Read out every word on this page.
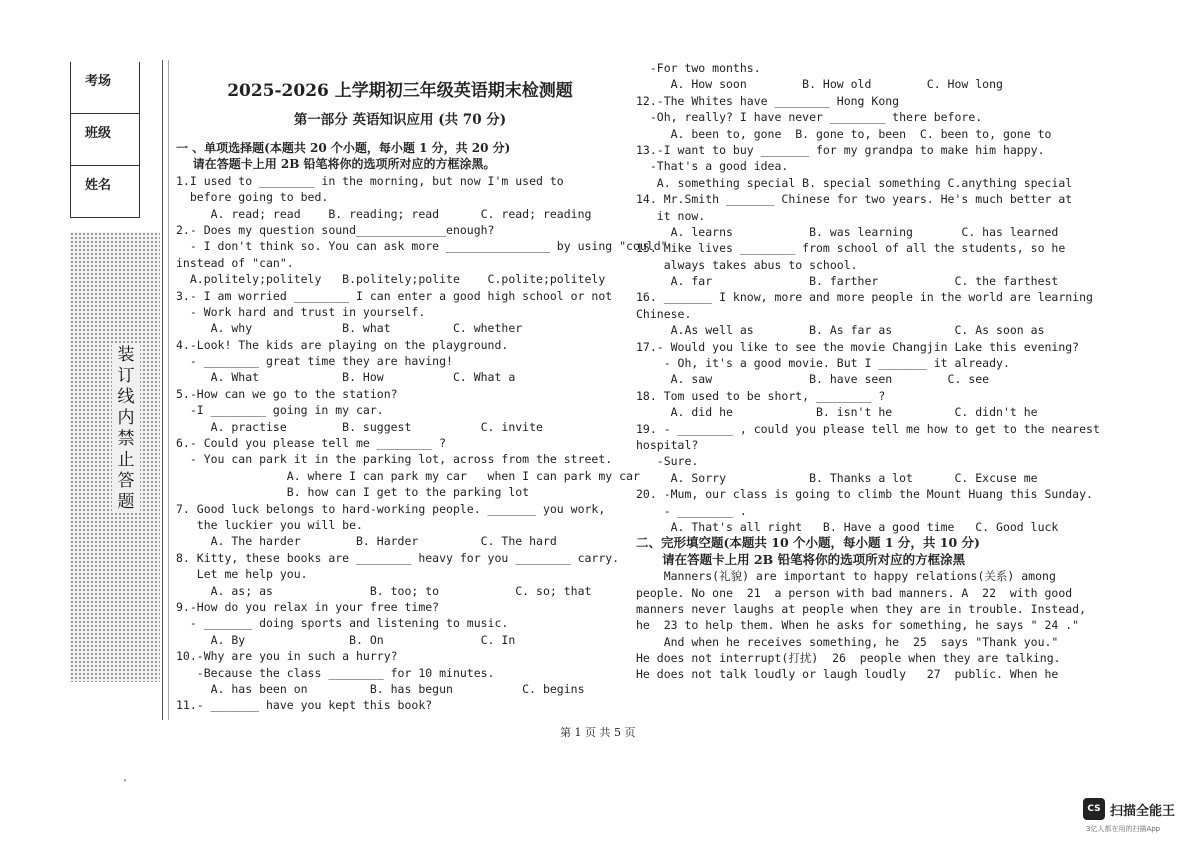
考场
班级
姓名
装订线内禁止答题
2025-2026 上学期初三年级英语期末检测题
第一部分 英语知识应用 (共 70 分)
一 、单项选择题(本题共 20 个小题，每小题 1 分，共 20 分)
请在答题卡上用 2B 铅笔将你的选项所对应的方框涂黑。
1.I used to ________ in the morning, but now I'm used to
before going to bed.
A. read; read    B. reading; read      C. read; reading
2.- Does my question sound_____________enough?
- I don't think so. You can ask more _______________ by using "could"
instead of "can".
A.politely;politely   B.politely;polite    C.polite;politely
3.- I am worried ________ I can enter a good high school or not
- Work hard and trust in yourself.
A. why             B. what         C. whether
4.-Look! The kids are playing on the playground.
- ________ great time they are having!
A. What            B. How          C. What a
5.-How can we go to the station?
-I ________ going in my car.
A. practise        B. suggest          C. invite
6.- Could you please tell me ________ ?
- You can park it in the parking lot, across from the street.
A. where I can park my car   when I can park my car
B. how can I get to the parking lot
7. Good luck belongs to hard-working people. _______ you work,
the luckier you will be.
A. The harder        B. Harder         C. The hard
8. Kitty, these books are ________ heavy for you ________ carry.
Let me help you.
A. as; as              B. too; to           C. so; that
9.-How do you relax in your free time?
- _______ doing sports and listening to music.
A. By               B. On              C. In
10.-Why are you in such a hurry?
-Because the class ________ for 10 minutes.
A. has been on         B. has begun          C. begins
11.- _______ have you kept this book?
-For two months.
A. How soon        B. How old        C. How long
12.-The Whites have ________ Hong Kong
-Oh, really? I have never ________ there before.
A. been to, gone  B. gone to, been  C. been to, gone to
13.-I want to buy _______ for my grandpa to make him happy.
-That's a good idea.
A. something special B. special something C.anything special
14. Mr.Smith _______ Chinese for two years. He's much better at
it now.
A. learns           B. was learning       C. has learned
15. Mike lives ________ from school of all the students, so he
always takes abus to school.
A. far              B. farther           C. the farthest
16. _______ I know, more and more people in the world are learning
Chinese.
A.As well as        B. As far as         C. As soon as
17.- Would you like to see the movie Changjin Lake this evening?
- Oh, it's a good movie. But I _______ it already.
A. saw              B. have seen        C. see
18. Tom used to be short, ________ ?
A. did he            B. isn't he         C. didn't he
19. - ________ , could you please tell me how to get to the nearest
hospital?
-Sure.
A. Sorry            B. Thanks a lot      C. Excuse me
20. -Mum, our class is going to climb the Mount Huang this Sunday.
- ________ .
A. That's all right   B. Have a good time   C. Good luck
二、完形填空题(本题共 10 个小题，每小题 1 分，共 10 分)
请在答题卡上用 2B 铅笔将你的选项所对应的方框涂黑
Manners(礼貌) are important to happy relations(关系) among
people. No one  21  a person with bad manners. A  22  with good
manners never laughs at people when they are in trouble. Instead,
he  23 to help them. When he asks for something, he says " 24 ."
And when he receives something, he  25  says "Thank you."
He does not interrupt(打扰)  26  people when they are talking.
He does not talk loudly or laugh loudly   27  public. When he
第 1 页 共 5 页
'
CS 扫描全能王
3亿人都在用的扫描App
